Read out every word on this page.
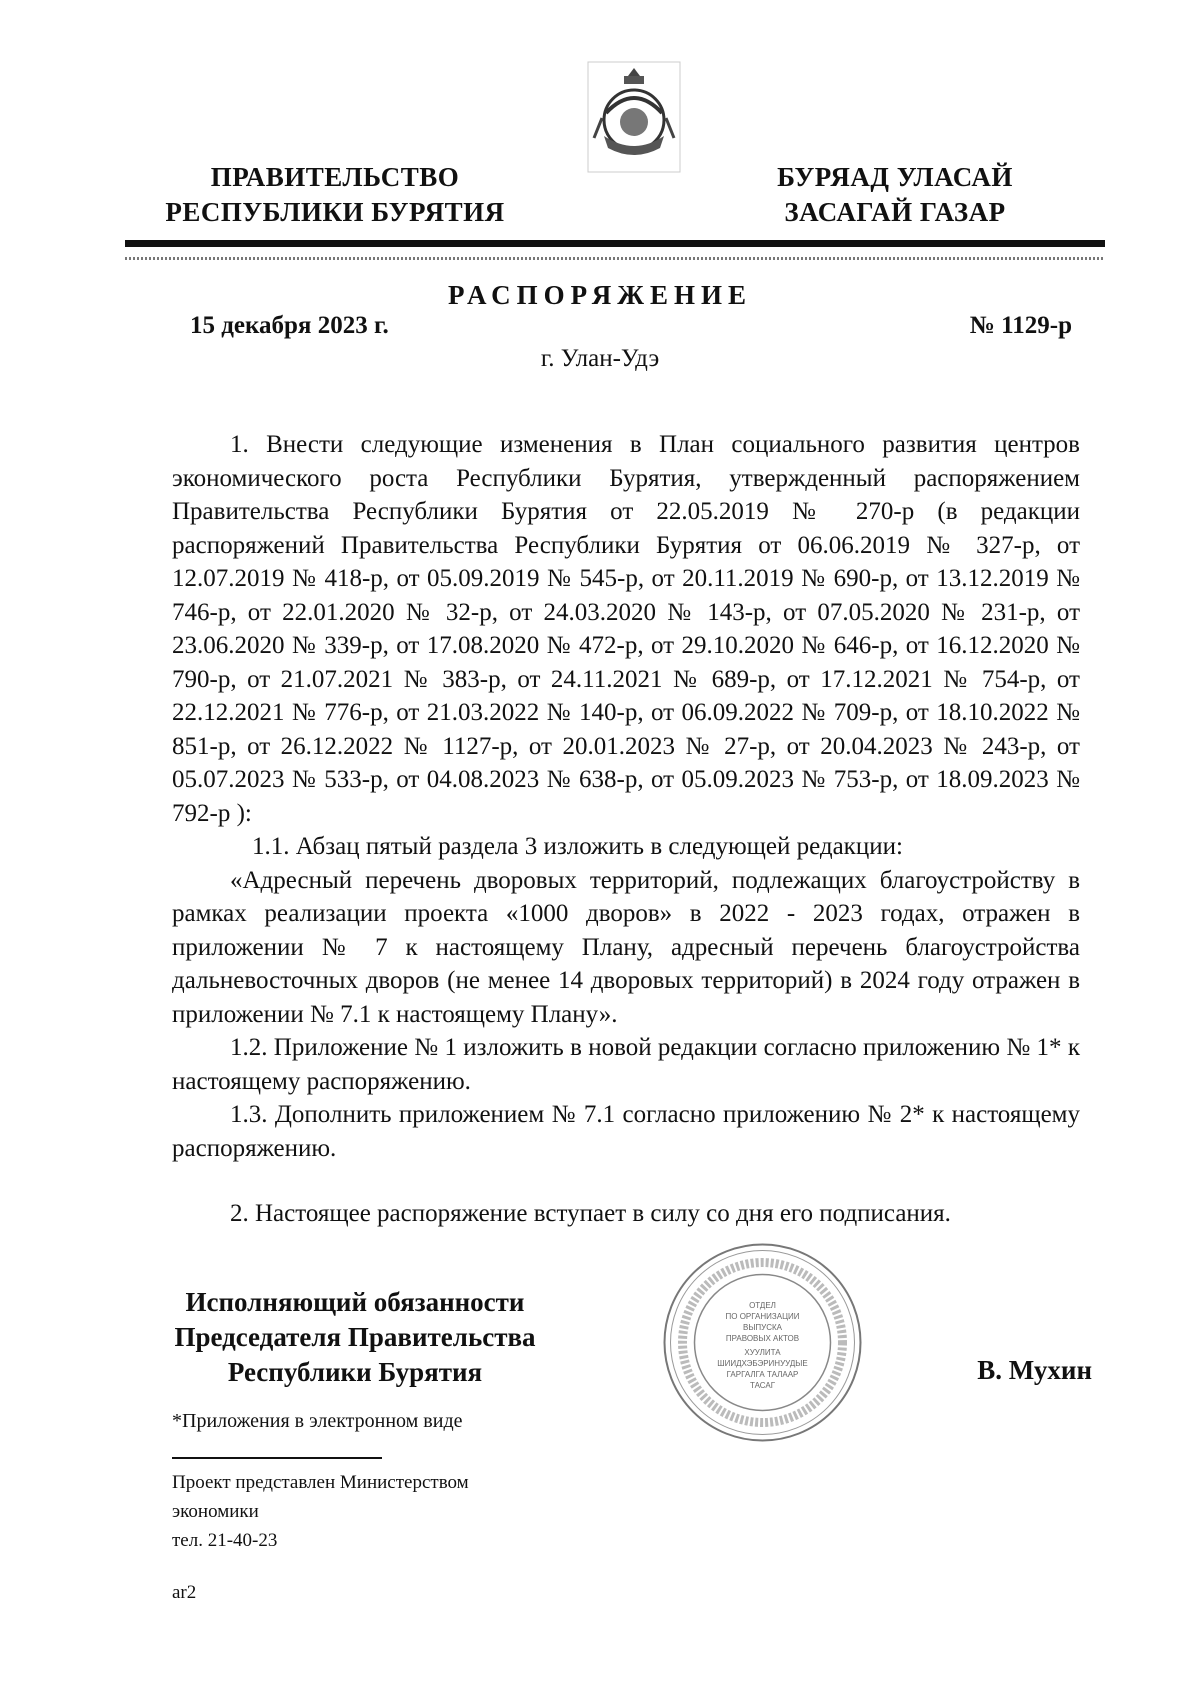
ПРАВИТЕЛЬСТВО
РЕСПУБЛИКИ БУРЯТИЯ
БУРЯАД УЛАСАЙ
ЗАСАГАЙ ГАЗАР
РАСПОРЯЖЕНИЕ
15 декабря 2023 г.	№ 1129-р
г. Улан-Удэ

1. Внести следующие изменения в План социального развития центров экономического роста Республики Бурятия, утвержденный распоряжением Правительства Республики Бурятия от 22.05.2019 № 270-р (в редакции распоряжений Правительства Республики Бурятия от 06.06.2019 № 327-р, от 12.07.2019 № 418-р, от 05.09.2019 № 545-р, от 20.11.2019 № 690-р, от 13.12.2019 № 746-р, от 22.01.2020 № 32-р, от 24.03.2020 № 143-р, от 07.05.2020 № 231-р, от 23.06.2020 № 339-р, от 17.08.2020 № 472-р, от 29.10.2020 № 646-р, от 16.12.2020 № 790-р, от 21.07.2021 № 383-р, от 24.11.2021 № 689-р, от 17.12.2021 № 754-р, от 22.12.2021 № 776-р, от 21.03.2022 № 140-р, от 06.09.2022 № 709-р, от 18.10.2022 № 851-р, от 26.12.2022 № 1127-р, от 20.01.2023 № 27-р, от 20.04.2023 № 243-р, от 05.07.2023 № 533-р, от 04.08.2023 № 638-р, от 05.09.2023 № 753-р, от 18.09.2023 № 792-р ):

1.1. Абзац пятый раздела 3 изложить в следующей редакции:

«Адресный перечень дворовых территорий, подлежащих благоустройству в рамках реализации проекта «1000 дворов» в 2022 - 2023 годах, отражен в приложении № 7 к настоящему Плану, адресный перечень благоустройства дальневосточных дворов (не менее 14 дворовых территорий) в 2024 году отражен в приложении № 7.1 к настоящему Плану».

1.2. Приложение № 1 изложить в новой редакции согласно приложению № 1* к настоящему распоряжению.

1.3. Дополнить приложением № 7.1 согласно приложению № 2* к настоящему распоряжению.

2. Настоящее распоряжение вступает в силу со дня его подписания.

Исполняющий обязанности
Председателя Правительства
Республики Бурятия
ОТДЕЛ
ПО ОРГАНИЗАЦИИ
ВЫПУСКА
ПРАВОВЫХ АКТОВ
ХУУЛИТА
ШИИДХЭБЭРИНУУДЫЕ
ГАРГАЛГА ТАЛААР
ТАСАГ
В. Мухин
*Приложения в электронном виде
Проект представлен Министерством
экономики
тел. 21-40-23
ar2
